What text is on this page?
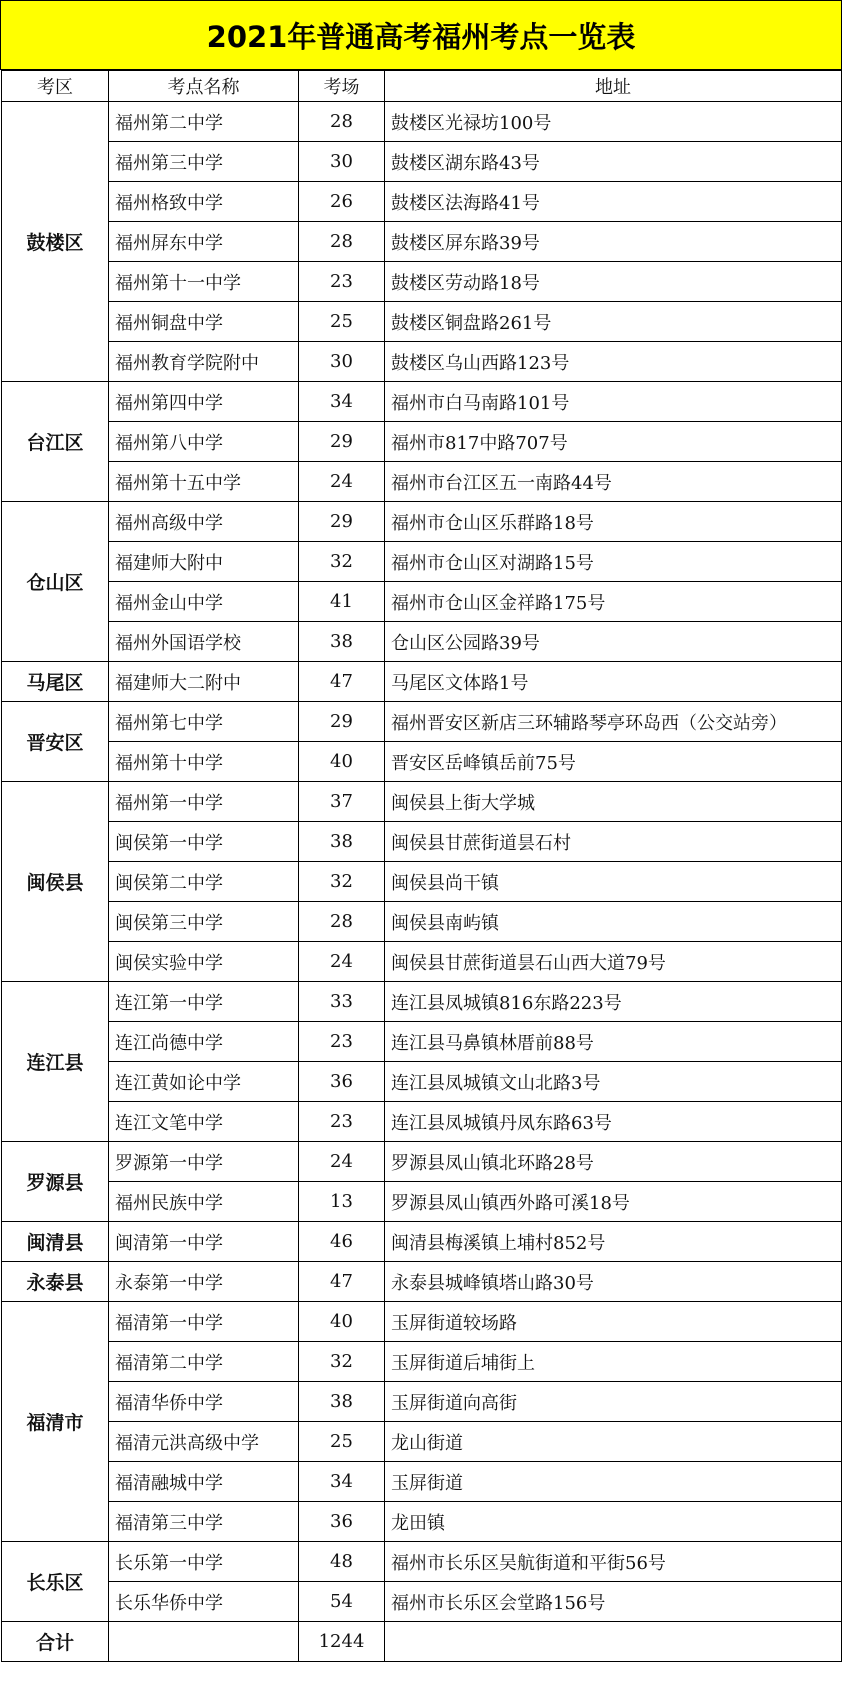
2021年普通高考福州考点一览表
考区	考点名称	考场	地址
鼓楼区	福州第二中学	28	鼓楼区光禄坊100号
	福州第三中学	30	鼓楼区湖东路43号
	福州格致中学	26	鼓楼区法海路41号
	福州屏东中学	28	鼓楼区屏东路39号
	福州第十一中学	23	鼓楼区劳动路18号
	福州铜盘中学	25	鼓楼区铜盘路261号
	福州教育学院附中	30	鼓楼区乌山西路123号
台江区	福州第四中学	34	福州市白马南路101号
	福州第八中学	29	福州市817中路707号
	福州第十五中学	24	福州市台江区五一南路44号
仓山区	福州高级中学	29	福州市仓山区乐群路18号
	福建师大附中	32	福州市仓山区对湖路15号
	福州金山中学	41	福州市仓山区金祥路175号
	福州外国语学校	38	仓山区公园路39号
马尾区	福建师大二附中	47	马尾区文体路1号
晋安区	福州第七中学	29	福州晋安区新店三环辅路琴亭环岛西（公交站旁）
	福州第十中学	40	晋安区岳峰镇岳前75号
闽侯县	福州第一中学	37	闽侯县上街大学城
	闽侯第一中学	38	闽侯县甘蔗街道昙石村
	闽侯第二中学	32	闽侯县尚干镇
	闽侯第三中学	28	闽侯县南屿镇
	闽侯实验中学	24	闽侯县甘蔗街道昙石山西大道79号
连江县	连江第一中学	33	连江县凤城镇816东路223号
	连江尚德中学	23	连江县马鼻镇林厝前88号
	连江黄如论中学	36	连江县凤城镇文山北路3号
	连江文笔中学	23	连江县凤城镇丹凤东路63号
罗源县	罗源第一中学	24	罗源县凤山镇北环路28号
	福州民族中学	13	罗源县凤山镇西外路可溪18号
闽清县	闽清第一中学	46	闽清县梅溪镇上埔村852号
永泰县	永泰第一中学	47	永泰县城峰镇塔山路30号
福清市	福清第一中学	40	玉屏街道较场路
	福清第二中学	32	玉屏街道后埔街上
	福清华侨中学	38	玉屏街道向高街
	福清元洪高级中学	25	龙山街道
	福清融城中学	34	玉屏街道
	福清第三中学	36	龙田镇
长乐区	长乐第一中学	48	福州市长乐区吴航街道和平街56号
	长乐华侨中学	54	福州市长乐区会堂路156号
合计		1244	
